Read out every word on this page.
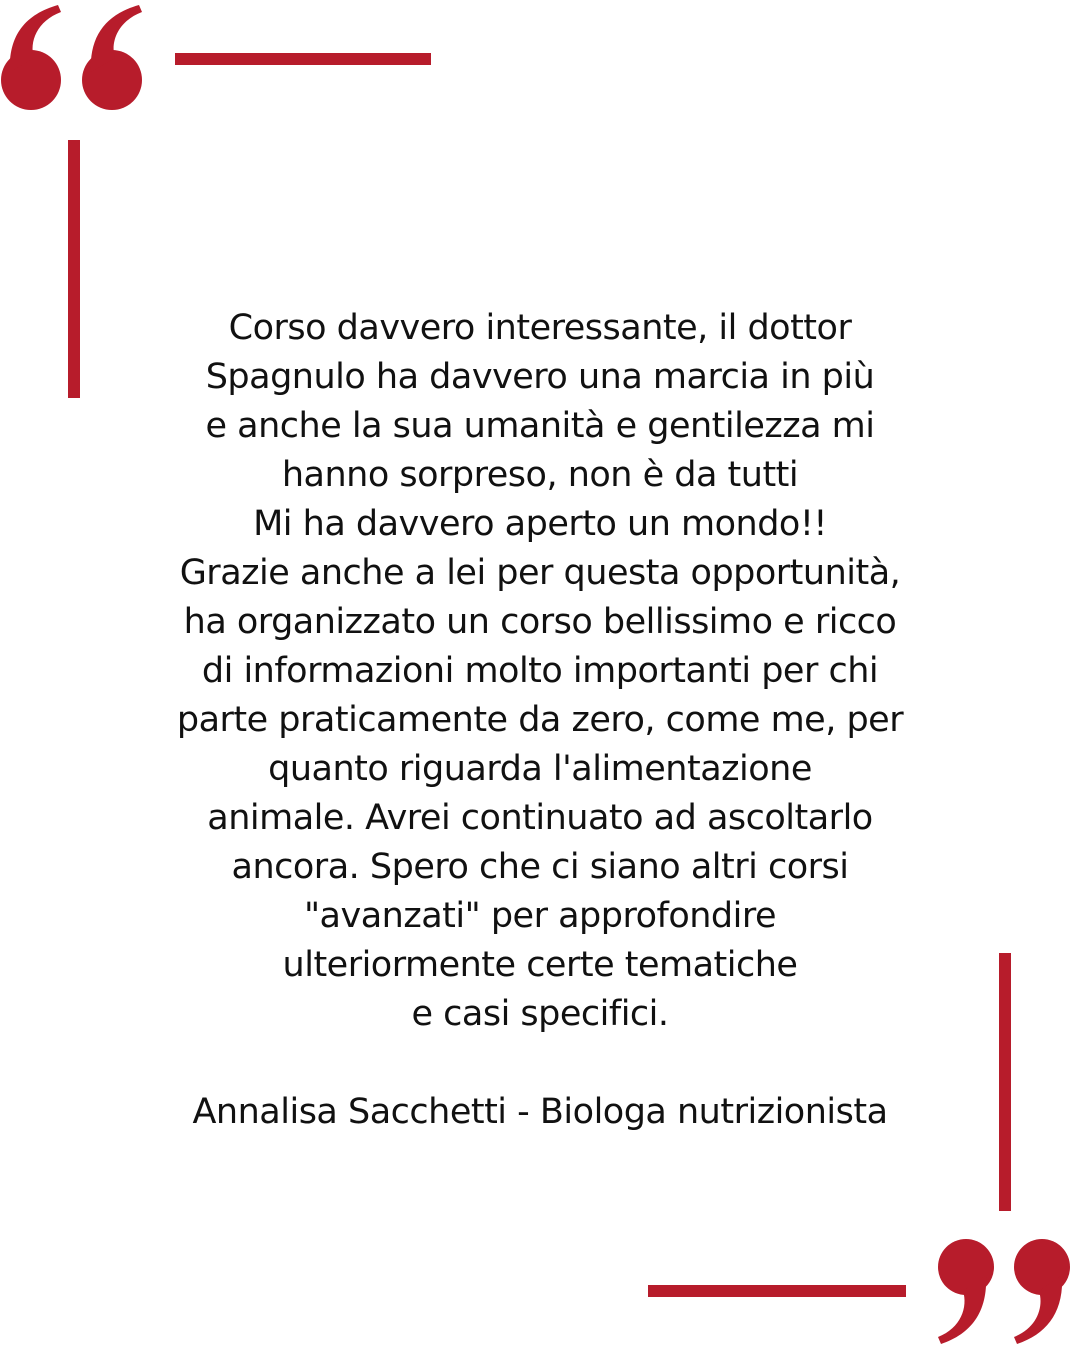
Corso davvero interessante, il dottor
Spagnulo ha davvero una marcia in più
e anche la sua umanità e gentilezza mi
hanno sorpreso, non è da tutti
Mi ha davvero aperto un mondo!!
Grazie anche a lei per questa opportunità,
ha organizzato un corso bellissimo e ricco
di informazioni molto importanti per chi
parte praticamente da zero, come me, per
quanto riguarda l'alimentazione
animale. Avrei continuato ad ascoltarlo
ancora. Spero che ci siano altri corsi
"avanzati" per approfondire
ulteriormente certe tematiche
e casi specifici.
Annalisa Sacchetti - Biologa nutrizionista
